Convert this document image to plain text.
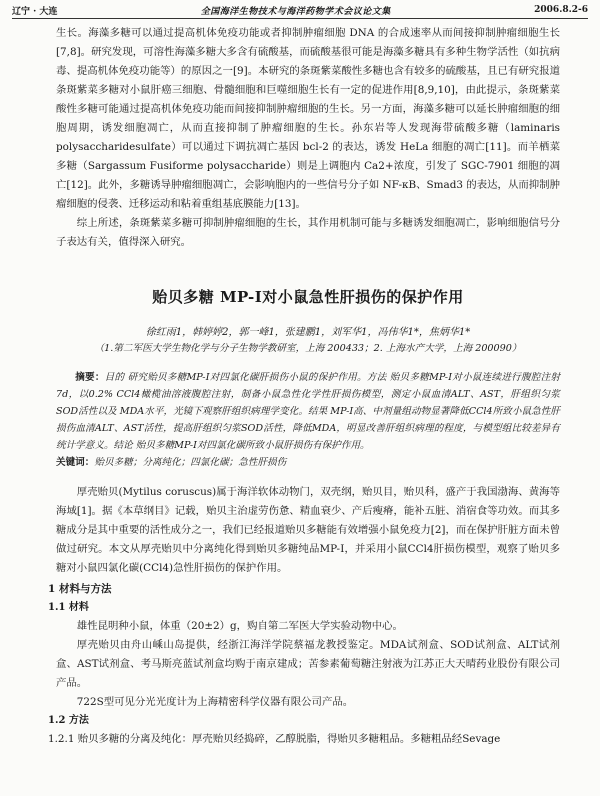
辽宁 · 大连	全国海洋生物技术与海洋药物学术会议论文集	2006.8.2-6

生长。海藻多糖可以通过提高机体免疫功能或者抑制肿瘤细胞 DNA 的合成速率从而间接抑制肿瘤细胞生长[7,8]。研究发现，可溶性海藻多糖大多含有硫酸基，而硫酸基很可能是海藻多糖具有多种生物学活性（如抗病毒、提高机体免疫功能等）的原因之一[9]。本研究的条斑紫菜酸性多糖也含有较多的硫酸基，且已有研究报道条斑紫菜多糖对小鼠肝癌三细胞、骨髓细胞和巨噬细胞生长有一定的促进作用[8,9,10]，由此提示，条斑紫菜酸性多糖可能通过提高机体免疫功能而间接抑制肿瘤细胞的生长。另一方面，海藻多糖可以延长肿瘤细胞的细胞周期，诱发细胞凋亡，从而直接抑制了肿瘤细胞的生长。孙东岩等人发现海带硫酸多糖（laminaris polysaccharidesulfate）可以通过下调抗凋亡基因 bcl-2 的表达，诱发 HeLa 细胞的凋亡[11]。而羊栖菜多糖（Sargassum Fusiforme polysaccharide）则是上调胞内 Ca2+浓度，引发了 SGC-7901 细胞的凋亡[12]。此外，多糖诱导肿瘤细胞凋亡，会影响胞内的一些信号分子如 NF-κB、Smad3 的表达，从而抑制肿瘤细胞的侵袭、迁移运动和粘着重组基底膜能力[13]。

综上所述，条斑紫菜多糖可抑制肿瘤细胞的生长，其作用机制可能与多糖诱发细胞凋亡，影响细胞信号分子表达有关，值得深入研究。

贻贝多糖 MP-Ⅰ对小鼠急性肝损伤的保护作用
徐红雨1，韩婷婷2，郭一峰1，张建鹏1，刘军华1，冯伟华1*，焦炳华1*
（1.第二军医大学生物化学与分子生物学教研室，上海 200433；2. 上海水产大学，上海 200090）

摘要：目的 研究贻贝多糖MP-Ⅰ对四氯化碳肝损伤小鼠的保护作用。方法 贻贝多糖MP-Ⅰ对小鼠连续进行腹腔注射7d，以0.2% CCl4橄榄油溶液腹腔注射，制备小鼠急性化学性肝损伤模型，测定小鼠血清ALT、AST，肝组织匀浆SOD活性以及 MDA水平，光镜下观察肝组织病理学变化。结果 MP-Ⅰ高、中剂量组动物显著降低CCl4所致小鼠急性肝损伤血清ALT、AST活性，提高肝组织匀浆SOD活性，降低MDA，明显改善肝组织病理的程度，与模型组比较差异有统计学意义。结论 贻贝多糖MP-Ⅰ对四氯化碳所致小鼠肝损伤有保护作用。

关键词：贻贝多糖；分离纯化；四氯化碳；急性肝损伤

厚壳贻贝(Mytilus coruscus)属于海洋软体动物门，双壳纲，贻贝目，贻贝科，盛产于我国渤海、黄海等海域[1]。据《本草纲目》记载，贻贝主治虚劳伤惫、精血衰少、产后瘦瘠，能补五脏、消宿食等功效。而其多糖成分是其中重要的活性成分之一，我们已经报道贻贝多糖能有效增强小鼠免疫力[2]，而在保护肝脏方面未曾做过研究。本文从厚壳贻贝中分离纯化得到贻贝多糖纯品MP-Ⅰ，并采用小鼠CCl4肝损伤模型，观察了贻贝多糖对小鼠四氯化碳(CCl4)急性肝损伤的保护作用。

1 材料与方法
1.1 材料

雄性昆明种小鼠，体重（20±2）g，购自第二军医大学实验动物中心。

厚壳贻贝由舟山嵊山岛提供，经浙江海洋学院蔡福龙教授鉴定。MDA试剂盒、SOD试剂盒、ALT试剂盒、AST试剂盒、考马斯亮蓝试剂盒均购于南京建成；苦参素葡萄糖注射液为江苏正大天晴药业股份有限公司产品。

722S型可见分光光度计为上海精密科学仪器有限公司产品。

1.2 方法

1.2.1 贻贝多糖的分离及纯化：厚壳贻贝经捣碎，乙醇脱脂，得贻贝多糖粗品。多糖粗品经Sevage
